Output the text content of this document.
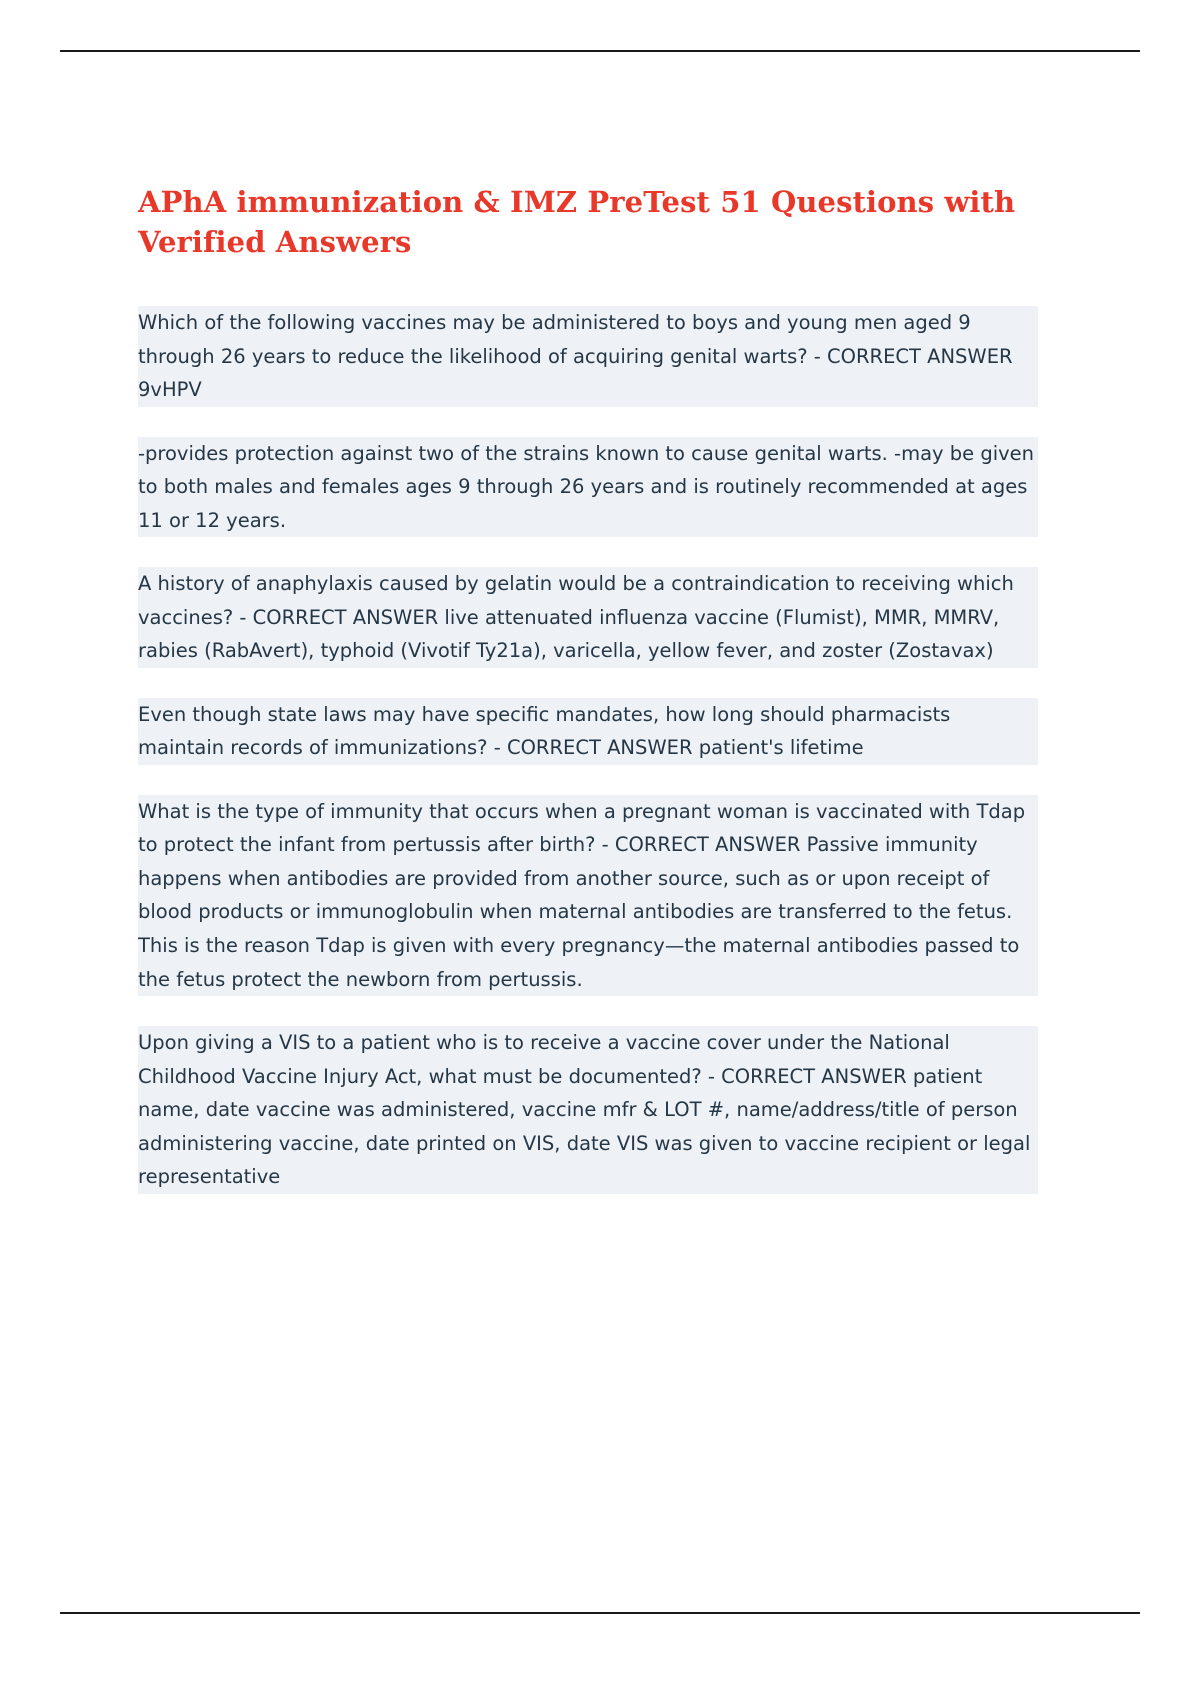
APhA immunization & IMZ PreTest 51 Questions with Verified Answers

Which of the following vaccines may be administered to boys and young men aged 9 through 26 years to reduce the likelihood of acquiring genital warts? - CORRECT ANSWER 9vHPV

-provides protection against two of the strains known to cause genital warts. -may be given to both males and females ages 9 through 26 years and is routinely recommended at ages 11 or 12 years.

A history of anaphylaxis caused by gelatin would be a contraindication to receiving which vaccines? - CORRECT ANSWER live attenuated influenza vaccine (Flumist), MMR, MMRV, rabies (RabAvert), typhoid (Vivotif Ty21a), varicella, yellow fever, and zoster (Zostavax)

Even though state laws may have specific mandates, how long should pharmacists maintain records of immunizations? - CORRECT ANSWER patient's lifetime

What is the type of immunity that occurs when a pregnant woman is vaccinated with Tdap to protect the infant from pertussis after birth? - CORRECT ANSWER Passive immunity happens when antibodies are provided from another source, such as or upon receipt of blood products or immunoglobulin when maternal antibodies are transferred to the fetus. This is the reason Tdap is given with every pregnancy—the maternal antibodies passed to the fetus protect the newborn from pertussis.

Upon giving a VIS to a patient who is to receive a vaccine cover under the National Childhood Vaccine Injury Act, what must be documented? - CORRECT ANSWER patient name, date vaccine was administered, vaccine mfr & LOT #, name/address/title of person administering vaccine, date printed on VIS, date VIS was given to vaccine recipient or legal representative
